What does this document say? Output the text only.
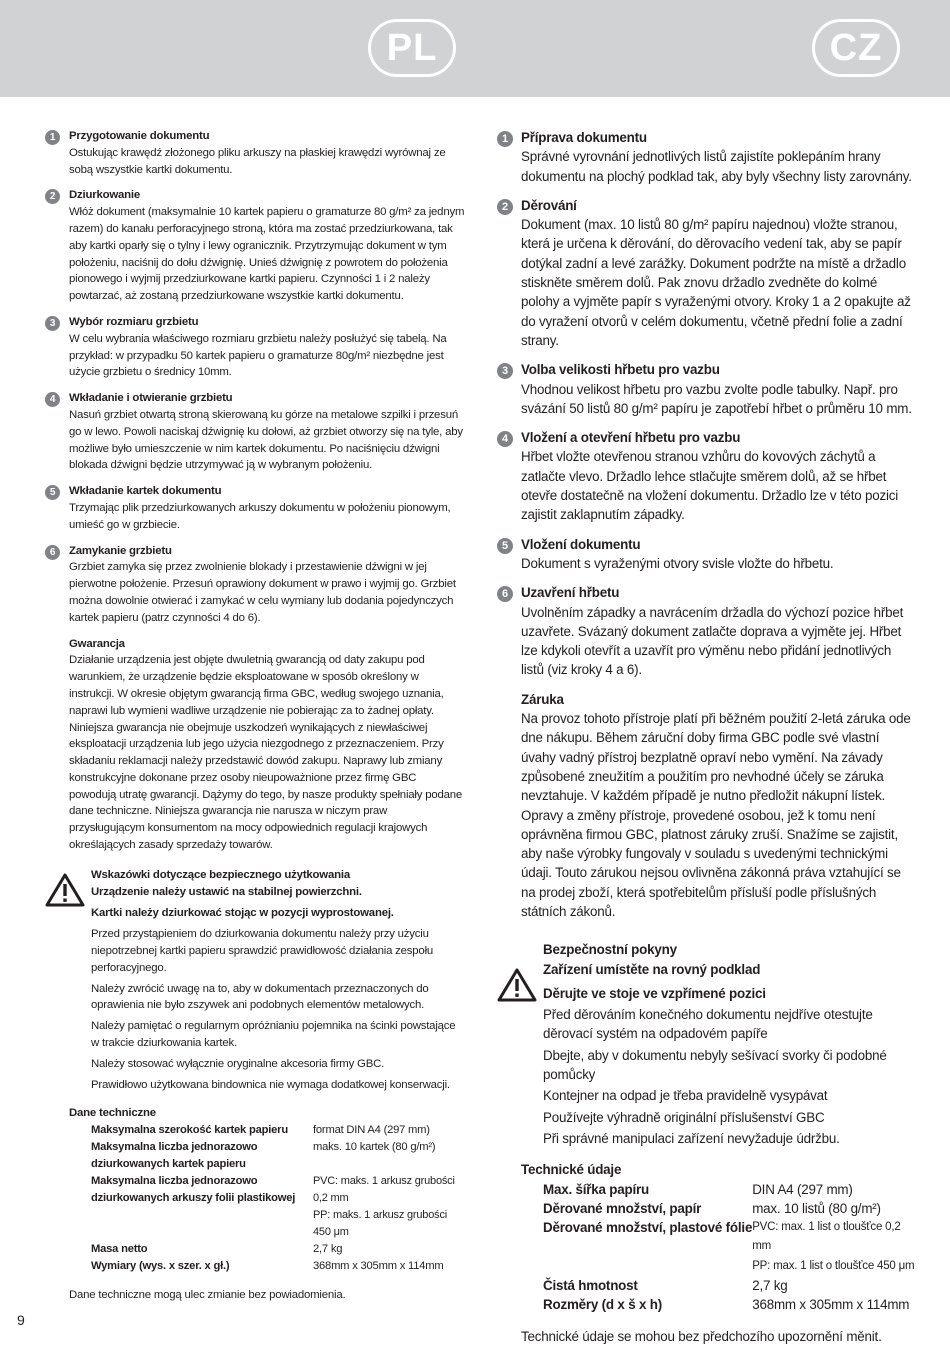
PL	CZ
1	Przygotowanie dokumentu

Ostukując krawędź złożonego pliku arkuszy na płaskiej krawędzi wyrównaj ze sobą wszystkie kartki dokumentu.

2	Dziurkowanie

Włóż dokument (maksymalnie 10 kartek papieru o gramaturze 80 g/m² za jednym razem) do kanału perforacyjnego stroną, która ma zostać przedziurkowana, tak aby kartki oparły się o tylny i lewy ogranicznik. Przytrzymując dokument w tym położeniu, naciśnij do dołu dźwignię. Unieś dźwignię z powrotem do położenia pionowego i wyjmij przedziurkowane kartki papieru. Czynności 1 i 2 należy powtarzać, aż zostaną przedziurkowane wszystkie kartki dokumentu.

3	Wybór rozmiaru grzbietu

W celu wybrania właściwego rozmiaru grzbietu należy posłużyć się tabelą. Na przykład: w przypadku 50 kartek papieru o gramaturze 80g/m² niezbędne jest użycie grzbietu o średnicy 10mm.

4	Wkładanie i otwieranie grzbietu

Nasuń grzbiet otwartą stroną skierowaną ku górze na metalowe szpilki i przesuń go w lewo. Powoli naciskaj dźwignię ku dołowi, aż grzbiet otworzy się na tyle, aby możliwe było umieszczenie w nim kartek dokumentu. Po naciśnięciu dźwigni blokada dźwigni będzie utrzymywać ją w wybranym położeniu.

5	Wkładanie kartek dokumentu

Trzymając plik przedziurkowanych arkuszy dokumentu w położeniu pionowym, umieść go w grzbiecie.

6	Zamykanie grzbietu

Grzbiet zamyka się przez zwolnienie blokady i przestawienie dźwigni w jej pierwotne położenie. Przesuń oprawiony dokument w prawo i wyjmij go. Grzbiet można dowolnie otwierać i zamykać w celu wymiany lub dodania pojedynczych kartek papieru (patrz czynności 4 do 6).

Gwarancja

Działanie urządzenia jest objęte dwuletnią gwarancją od daty zakupu pod warunkiem, że urządzenie będzie eksploatowane w sposób określony w instrukcji. W okresie objętym gwarancją firma GBC, według swojego uznania, naprawi lub wymieni wadliwe urządzenie nie pobierając za to żadnej opłaty. Niniejsza gwarancja nie obejmuje uszkodzeń wynikających z niewłaściwej eksploatacji urządzenia lub jego użycia niezgodnego z przeznaczeniem. Przy składaniu reklamacji należy przedstawić dowód zakupu. Naprawy lub zmiany konstrukcyjne dokonane przez osoby nieupoważnione przez firmę GBC powodują utratę gwarancji. Dążymy do tego, by nasze produkty spełniały podane dane techniczne. Niniejsza gwarancja nie narusza w niczym praw przysługującym konsumentom na mocy odpowiednich regulacji krajowych określających zasady sprzedaży towarów.

Wskazówki dotyczące bezpiecznego użytkowania
Urządzenie należy ustawić na stabilnej powierzchni.
Kartki należy dziurkować stojąc w pozycji wyprostowanej.
Przed przystąpieniem do dziurkowania dokumentu należy przy użyciu niepotrzebnej kartki papieru sprawdzić prawidłowość działania zespołu perforacyjnego.
Należy zwrócić uwagę na to, aby w dokumentach przeznaczonych do oprawienia nie było zszywek ani podobnych elementów metalowych.
Należy pamiętać o regularnym opróżnianiu pojemnika na ścinki powstające w trakcie dziurkowania kartek.
Należy stosować wyłącznie oryginalne akcesoria firmy GBC.
Prawidłowo użytkowana bindownica nie wymaga dodatkowej konserwacji.
Dane techniczne
Maksymalna szerokość kartek papieru	format DIN A4 (297 mm)
Maksymalna liczba jednorazowo dziurkowanych kartek papieru	maks. 10 kartek (80 g/m²)
Maksymalna liczba jednorazowo dziurkowanych arkuszy folii plastikowej	PVC: maks. 1 arkusz grubości 0,2 mm
PP: maks. 1 arkusz grubości 450 μm

Masa netto	2,7 kg
Wymiary (wys. x szer. x gł.)	368mm x 305mm x 114mm
Dane techniczne mogą ulec zmianie bez powiadomienia.
1 Příprava dokumentu

Správné vyrovnání jednotlivých listů zajistíte poklepáním hrany dokumentu na plochý podklad tak, aby byly všechny listy zarovnány.

2 Děrování

Dokument (max. 10 listů 80 g/m² papíru najednou) vložte stranou, která je určena k děrování, do děrovacího vedení tak, aby se papír dotýkal zadní a levé zarážky. Dokument podržte na místě a držadlo stiskněte směrem dolů. Pak znovu držadlo zvedněte do kolmé polohy a vyjměte papír s vyraženými otvory. Kroky 1 a 2 opakujte až do vyražení otvorů v celém dokumentu, včetně přední folie a zadní strany.

3 Volba velikosti hřbetu pro vazbu

Vhodnou velikost hřbetu pro vazbu zvolte podle tabulky. Např. pro svázání 50 listů 80 g/m² papíru je zapotřebí hřbet o průměru 10 mm.

4 Vložení a otevření hřbetu pro vazbu

Hřbet vložte otevřenou stranou vzhůru do kovových záchytů a zatlačte vlevo. Držadlo lehce stlačujte směrem dolů, až se hřbet otevře dostatečně na vložení dokumentu. Držadlo lze v této pozici zajistit zaklapnutím západky.

5 Vložení dokumentu

Dokument s vyraženými otvory svisle vložte do hřbetu.

6 Uzavření hřbetu

Uvolněním západky a navrácením držadla do výchozí pozice hřbet uzavřete. Svázaný dokument zatlačte doprava a vyjměte jej. Hřbet lze kdykoli otevřít a uzavřít pro výměnu nebo přidání jednotlivých listů (viz kroky 4 a 6).

Záruka

Na provoz tohoto přístroje platí při běžném použití 2-letá záruka ode dne nákupu. Během záruční doby firma GBC podle své vlastní úvahy vadný přístroj bezplatně opraví nebo vymění. Na závady způsobené zneužitím a použitím pro nevhodné účely se záruka nevztahuje. V každém případě je nutno předložit nákupní lístek. Opravy a změny přístroje, provedené osobou, jež k tomu není oprávněna firmou GBC, platnost záruky zruší. Snažíme se zajistit, aby naše výrobky fungovaly v souladu s uvedenými technickými údaji. Touto zárukou nejsou ovlivněna zákonná práva vztahující se na prodej zboží, která spotřebitelům přísluší podle příslušných státních zákonů.

Bezpečnostní pokyny
Zařízení umístěte na rovný podklad
Děrujte ve stoje ve vzpřímené pozici
Před děrováním konečného dokumentu nejdříve otestujte děrovací systém na odpadovém papíře
Dbejte, aby v dokumentu nebyly sešívací svorky či podobné pomůcky
Kontejner na odpad je třeba pravidelně vysypávat
Používejte výhradně originální příslušenství GBC
Při správné manipulaci zařízení nevyžaduje údržbu.
Technické údaje
Max. šířka papíru	DIN A4 (297 mm)
Děrované množství, papír	max. 10 listů (80 g/m²)
Děrované množství, plastové fólie	PVC: max. 1 list o tloušťce 0,2 mm
PP: max. 1 list o tloušťce 450 μm

Čistá hmotnost	2,7 kg
Rozměry (d x š x h)	368mm x 305mm x 114mm
Technické údaje se mohou bez předchozího upozornění měnit.
9
